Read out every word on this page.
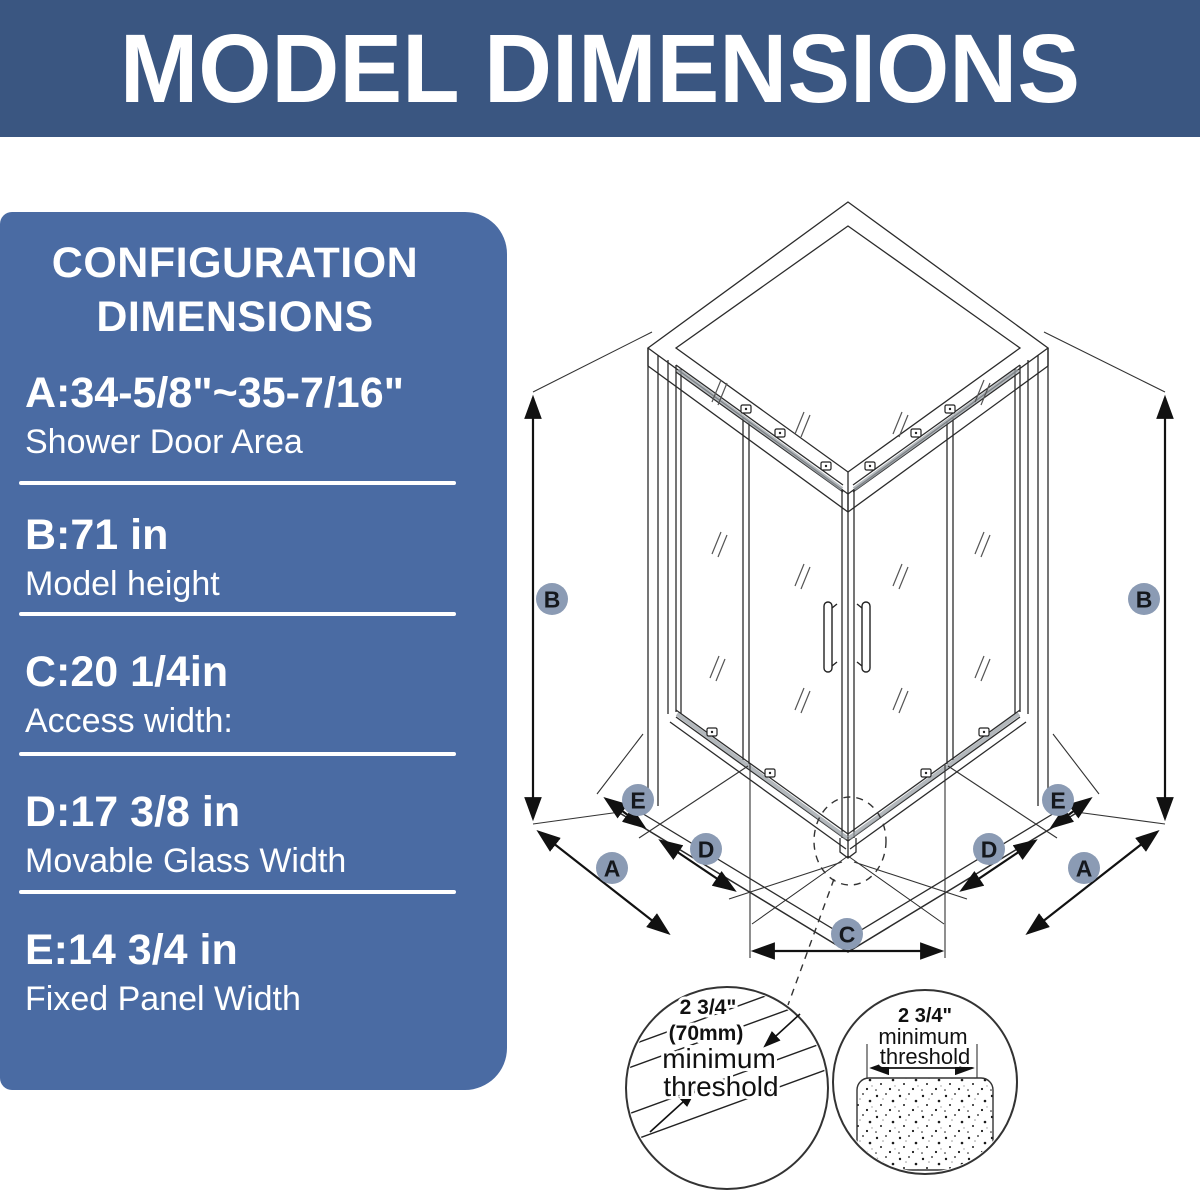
MODEL DIMENSIONS
CONFIGURATION
DIMENSIONS
A:34-5/8"~35-7/16"
Shower Door Area
B:71 in
Model height
C:20 1/4in
Access width:
D:17 3/8 in
Movable Glass Width
E:14 3/4 in
Fixed Panel Width
B	B
E	E
D	D
A	A
C
2 3/4"
(70mm)
minimum
threshold
2 3/4"
minimum
threshold
